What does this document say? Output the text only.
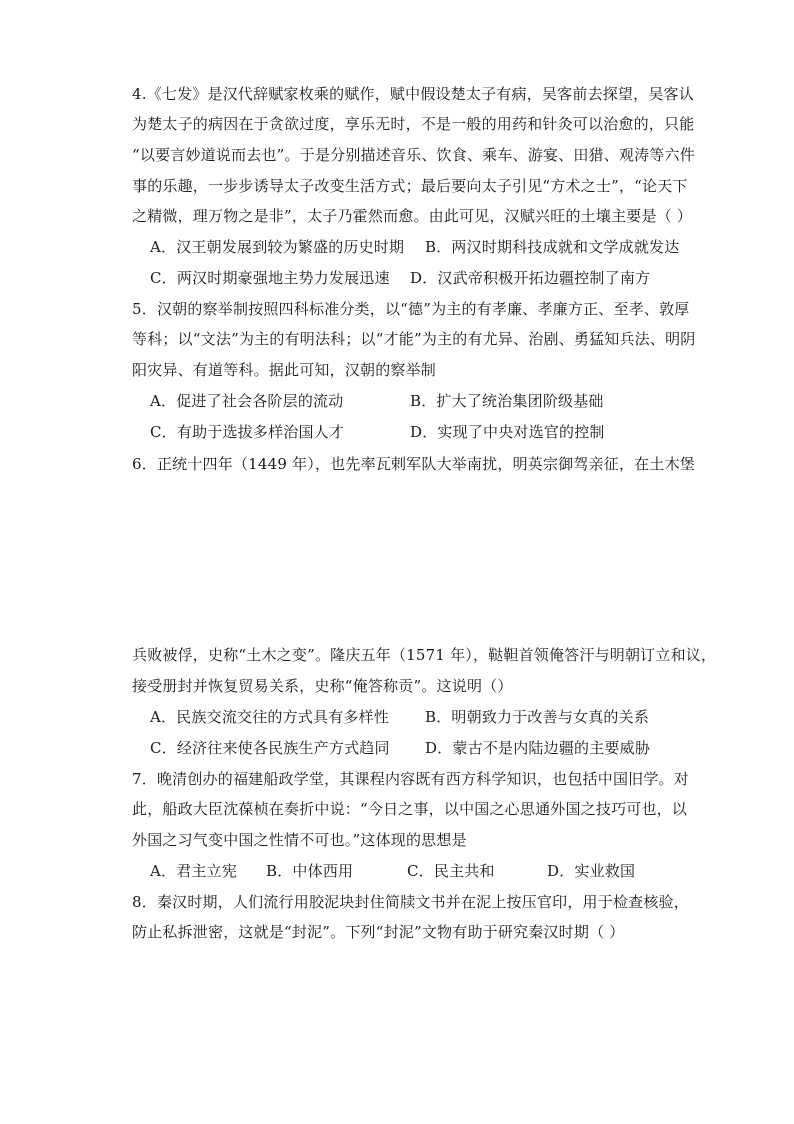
4.《七发》是汉代辞赋家枚乘的赋作，赋中假设楚太子有病，吴客前去探望，吴客认
为楚太子的病因在于贪欲过度，享乐无时，不是一般的用药和针灸可以治愈的，只能
“以要言妙道说而去也”。于是分别描述音乐、饮食、乘车、游宴、田猎、观涛等六件
事的乐趣，一步步诱导太子改变生活方式；最后要向太子引见“方术之士”，“论天下
之精微，理万物之是非”，太子乃霍然而愈。由此可见，汉赋兴旺的土壤主要是（ ）
A．汉王朝发展到较为繁盛的历史时期 B．两汉时期科技成就和文学成就发达
C．两汉时期豪强地主势力发展迅速 D．汉武帝积极开拓边疆控制了南方
5．汉朝的察举制按照四科标准分类，以“德”为主的有孝廉、孝廉方正、至孝、敦厚
等科；以“文法”为主的有明法科；以“才能”为主的有尤异、治剧、勇猛知兵法、明阴
阳灾异、有道等科。据此可知，汉朝的察举制
A．促进了社会各阶层的流动	B．扩大了统治集团阶级基础
C．有助于选拔多样治国人才	D．实现了中央对选官的控制
6．正统十四年（1449 年），也先率瓦剌军队大举南扰，明英宗御驾亲征，在土木堡
兵败被俘，史称“土木之变”。隆庆五年（1571 年），鞑靼首领俺答汗与明朝订立和议，
接受册封并恢复贸易关系，史称“俺答称贡”。这说明（）
A．民族交流交往的方式具有多样性 B．明朝致力于改善与女真的关系
C．经济往来使各民族生产方式趋同 D．蒙古不是内陆边疆的主要威胁
7．晚清创办的福建船政学堂，其课程内容既有西方科学知识，也包括中国旧学。对
此，船政大臣沈葆桢在奏折中说：“今日之事，以中国之心思通外国之技巧可也，以
外国之习气变中国之性情不可也。”这体现的思想是
A．君主立宪 B．中体西用	C．民主共和	D．实业救国
8．秦汉时期，人们流行用胶泥块封住简牍文书并在泥上按压官印，用于检查核验，
防止私拆泄密，这就是“封泥”。下列“封泥”文物有助于研究秦汉时期（ ）
